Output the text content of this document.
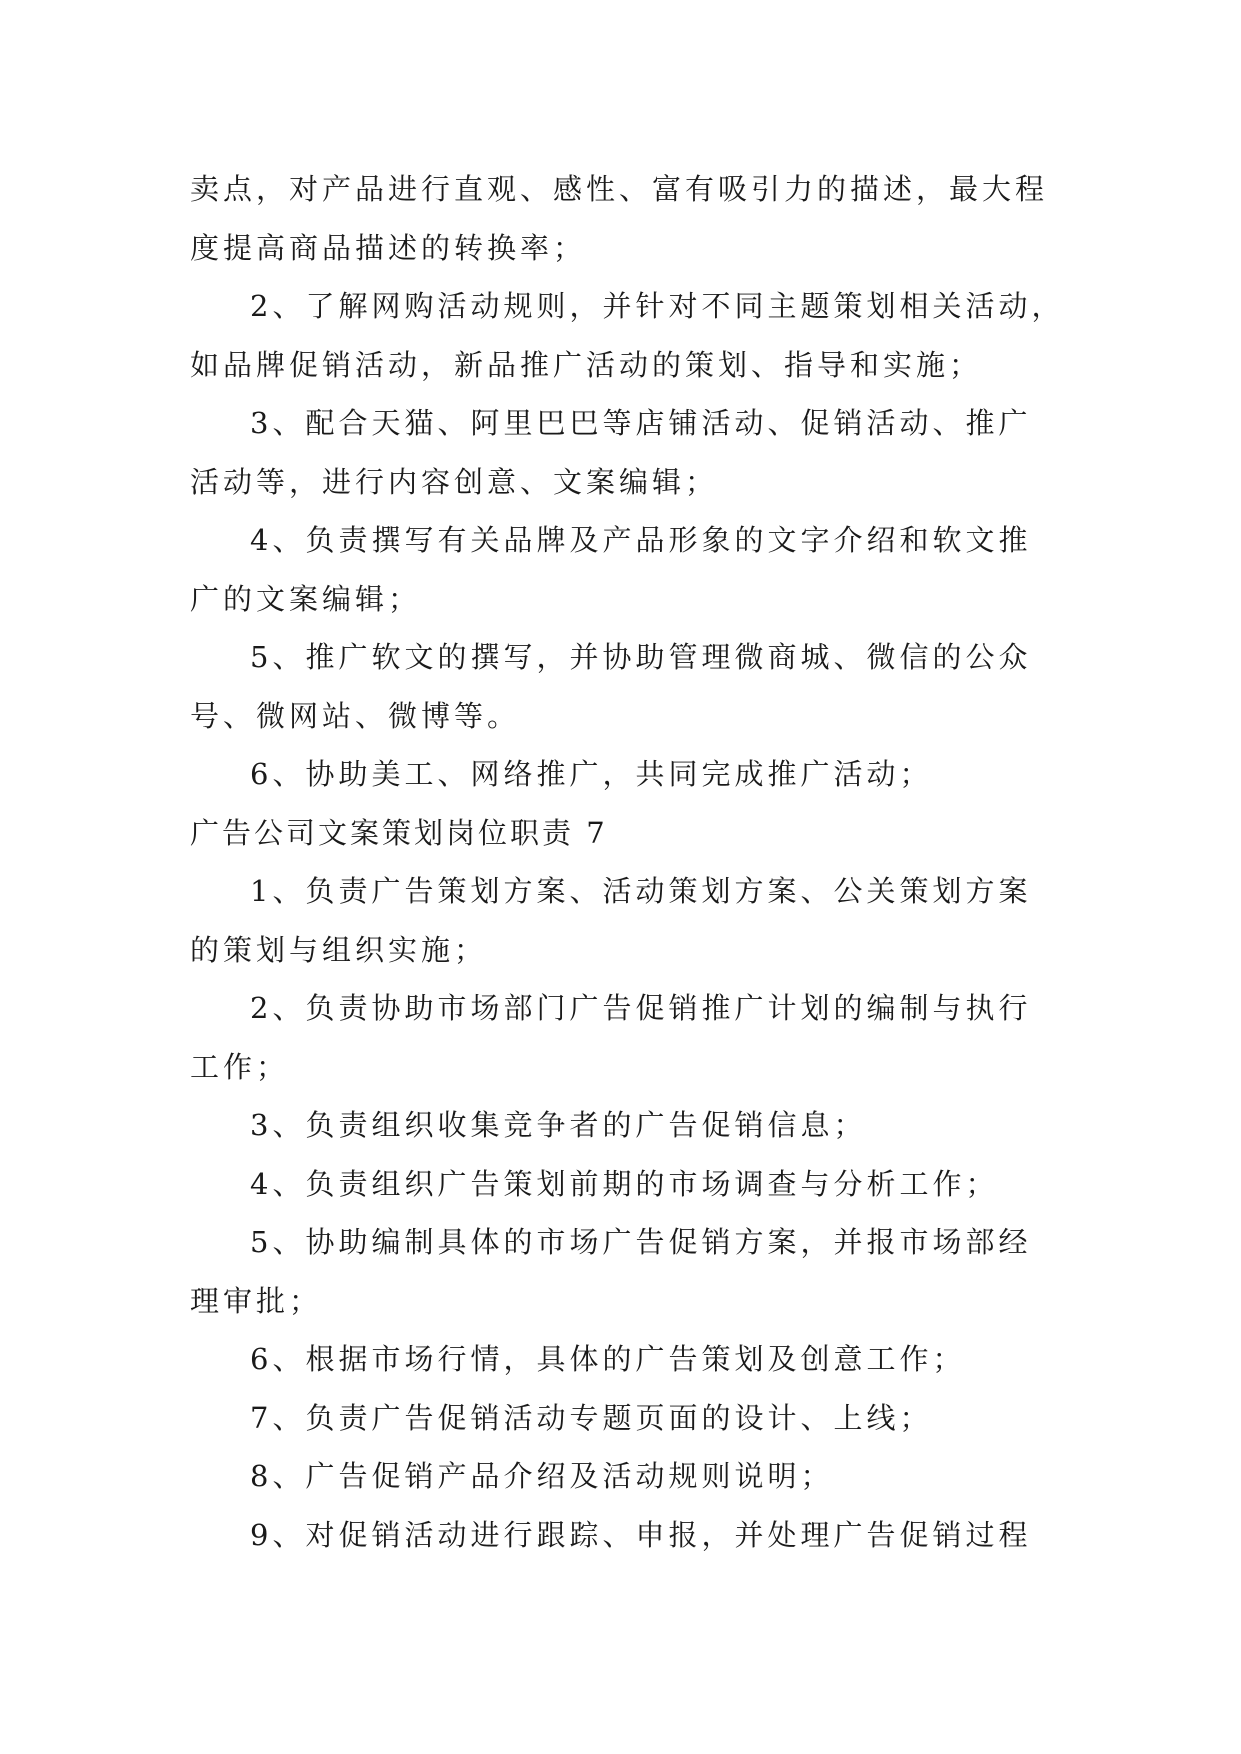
卖点，对产品进行直观、感性、富有吸引力的描述，最大程
度提高商品描述的转换率；
2、了解网购活动规则，并针对不同主题策划相关活动，
如品牌促销活动，新品推广活动的策划、指导和实施；
3、配合天猫、阿里巴巴等店铺活动、促销活动、推广
活动等，进行内容创意、文案编辑；
4、负责撰写有关品牌及产品形象的文字介绍和软文推
广的文案编辑；
5、推广软文的撰写，并协助管理微商城、微信的公众
号、微网站、微博等。
6、协助美工、网络推广，共同完成推广活动；
广告公司文案策划岗位职责 7
1、负责广告策划方案、活动策划方案、公关策划方案
的策划与组织实施；
2、负责协助市场部门广告促销推广计划的编制与执行
工作；
3、负责组织收集竞争者的广告促销信息；
4、负责组织广告策划前期的市场调查与分析工作；
5、协助编制具体的市场广告促销方案，并报市场部经
理审批；
6、根据市场行情，具体的广告策划及创意工作；
7、负责广告促销活动专题页面的设计、上线；
8、广告促销产品介绍及活动规则说明；
9、对促销活动进行跟踪、申报，并处理广告促销过程
